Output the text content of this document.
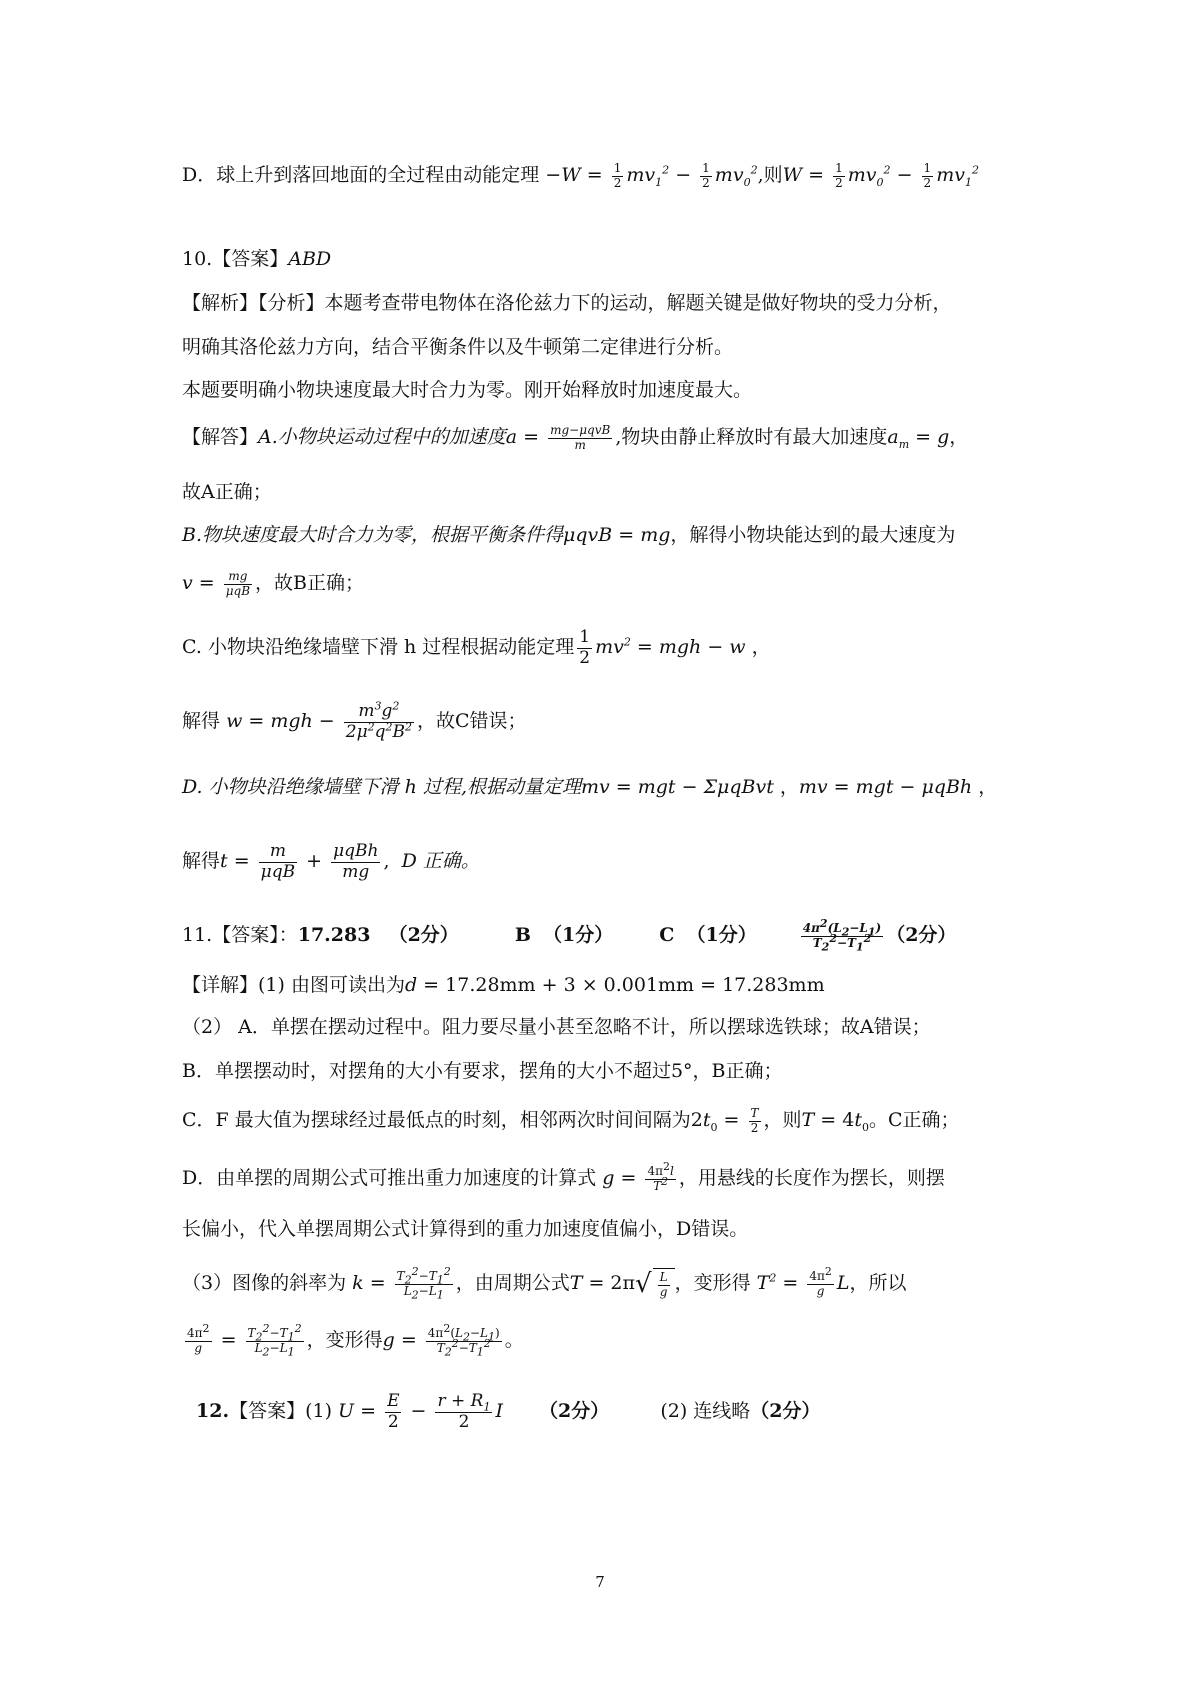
D．球上升到落回地面的全过程由动能定理 $-W = \frac{1}{2} mv_1^2 - \frac{1}{2} mv_0^2$,则$W = \frac{1}{2} mv_0^2 - \frac{1}{2} mv_1^2$
10.【答案】ABD
【解析】【分析】本题考查带电物体在洛伦兹力下的运动，解题关键是做好物块的受力分析，
明确其洛伦兹力方向，结合平衡条件以及牛顿第二定律进行分析。
本题要明确小物块速度最大时合力为零。刚开始释放时加速度最大。
【解答】A.小物块运动过程中的加速度$a = \frac{\text{mg−μqvB}}{m}$ ,物块由静止释放时有最大加速度$a_m = g$，
故A正确；
B.物块速度最大时合力为零，根据平衡条件得μqvB = mg，解得小物块能达到的最大速度为
$v = \frac{mg}{\text{μqB}}$ ，故B正确；
C. 小物块沿绝缘墙壁下滑 h 过程根据动能定理 $\frac{1}{2} mv^2$ = mgh − w ，
解得 w = mgh − $\frac{m^3g^2}{2\mu^2q^2B^2}$ ，故C错误；
D. 小物块沿绝缘墙壁下滑 h 过程,根据动量定理mv = mgt − ΣμqBvt ，mv = mgt − μqBh ，
解得$t = \frac{m}{\text{μqB}} + \frac{\text{μqBh}}{mg}$ ,  D 正确。
11.【答案】：17.283 （2分）	B （1分） C （1分）	$\frac{4\pi^2(L_2-L_1)}{T_2^2-T_1^2} (2$分）
【详解】(1) 由图可读出为d = 17.28mm + 3 × 0.001mm = 17.283mm
（2） A．单摆在摆动过程中。阻力要尽量小甚至忽略不计，所以摆球选铁球；故A错误；
B．单摆摆动时，对摆角的大小有要求，摆角的大小不超过5°，B正确；
C．F 最大值为摆球经过最低点的时刻，相邻两次时间间隔为$2t_0 = \frac{T}{2}$ ，则$T = 4t_0$。C正确；
D．由单摆的周期公式可推出重力加速度的计算式 $g = \frac{4\pi^2l}{T^2}$ ，用悬线的长度作为摆长，则摆
长偏小，代入单摆周期公式计算得到的重力加速度值偏小，D错误。
（3）图像的斜率为 $k = \frac{T_2^2-T_1^2}{L_2-L_1}$ ，由周期公式$T = 2\pi√ \frac{L}{g}$ ，变形得 $T^2 = \frac{4\pi^2}{g}$ L，所以
$\frac{4\pi^2}{g} = \frac{T_2^2-T_1^2}{L_2-L_1}$ ，变形得$g = \frac{4\pi^2(L_2-L_1)}{T_2^2-T_1^2}$ 。
12.【答案】(1) $U = \frac{E}{2} - \frac{r + R_1}{2}$ I （2分）	(2) 连线略（2分）
7
